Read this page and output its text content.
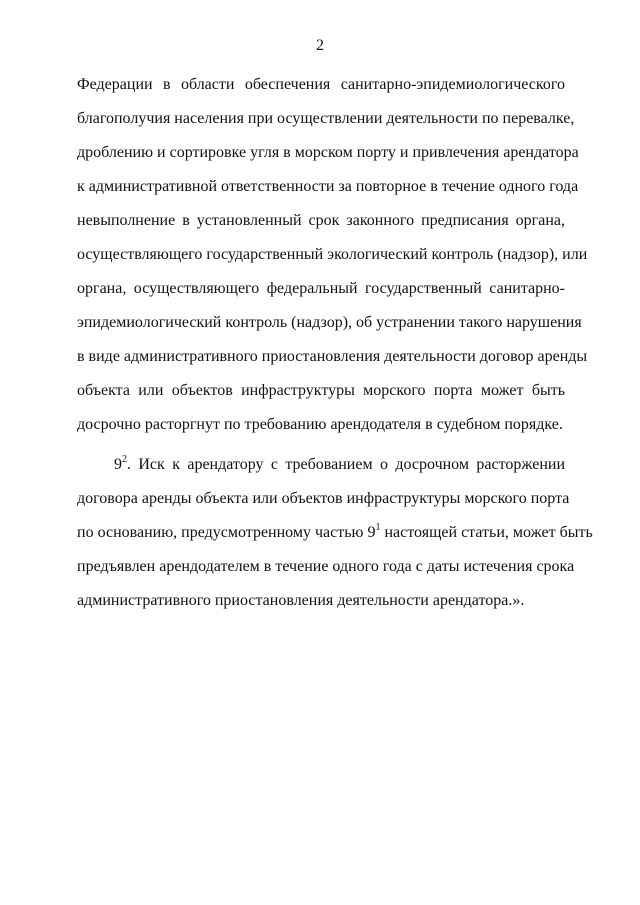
2
Федерации в области обеспечения санитарно-эпидемиологического
благополучия населения при осуществлении деятельности по перевалке,
дроблению и сортировке угля в морском порту и привлечения арендатора
к административной ответственности за повторное в течение одного года
невыполнение в установленный срок законного предписания органа,
осуществляющего государственный экологический контроль (надзор), или
органа, осуществляющего федеральный государственный санитарно-
эпидемиологический контроль (надзор), об устранении такого нарушения
в виде административного приостановления деятельности договор аренды
объекта или объектов инфраструктуры морского порта может быть
досрочно расторгнут по требованию арендодателя в судебном порядке.
$9^2$. Иск к арендатору с требованием о досрочном расторжении
договора аренды объекта или объектов инфраструктуры морского порта
по основанию, предусмотренному частью $9^1$ настоящей статьи, может быть
предъявлен арендодателем в течение одного года с даты истечения срока
административного приостановления деятельности арендатора.».
